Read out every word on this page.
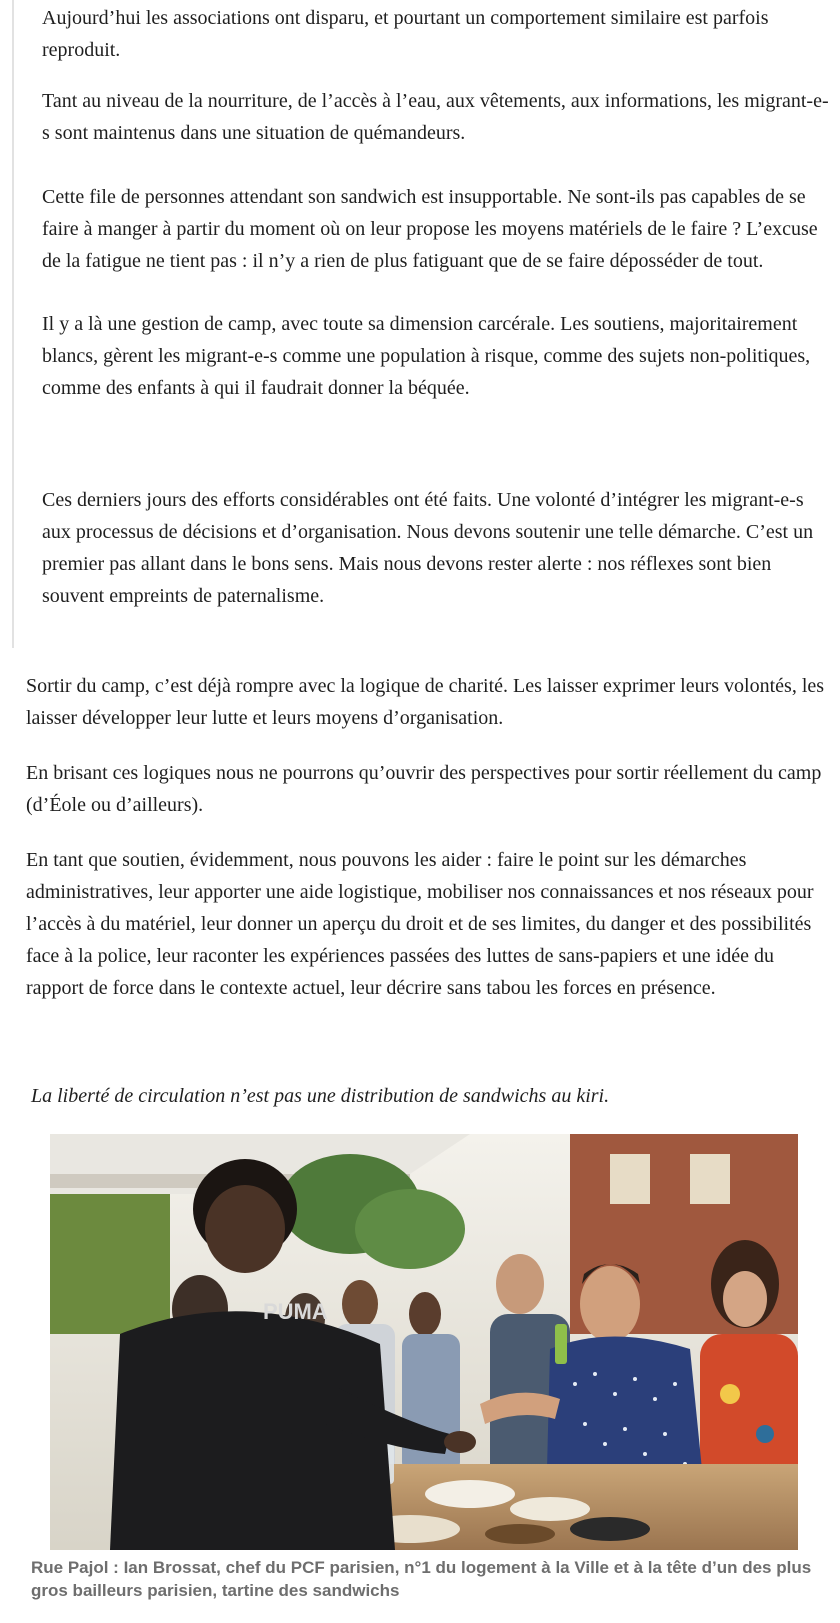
Aujourd’hui les associations ont disparu, et pourtant un comportement similaire est parfois reproduit.

Tant au niveau de la nourriture, de l’accès à l’eau, aux vêtements, aux informations, les migrant-e-s sont maintenus dans une situation de quémandeurs.

Cette file de personnes attendant son sandwich est insupportable. Ne sont-ils pas capables de se faire à manger à partir du moment où on leur propose les moyens matériels de le faire ? L’excuse de la fatigue ne tient pas : il n’y a rien de plus fatiguant que de se faire déposséder de tout.

Il y a là une gestion de camp, avec toute sa dimension carcérale. Les soutiens, majoritairement blancs, gèrent les migrant-e-s comme une population à risque, comme des sujets non-politiques, comme des enfants à qui il faudrait donner la béquée.

Ces derniers jours des efforts considérables ont été faits. Une volonté d’intégrer les migrant-e-s aux processus de décisions et d’organisation. Nous devons soutenir une telle démarche. C’est un premier pas allant dans le bons sens. Mais nous devons rester alerte : nos réflexes sont bien souvent empreints de paternalisme.

Sortir du camp, c’est déjà rompre avec la logique de charité. Les laisser exprimer leurs volontés, les laisser développer leur lutte et leurs moyens d’organisation.

En brisant ces logiques nous ne pourrons qu’ouvrir des perspectives pour sortir réellement du camp (d’Éole ou d’ailleurs).

En tant que soutien, évidemment, nous pouvons les aider : faire le point sur les démarches administratives, leur apporter une aide logistique, mobiliser nos connaissances et nos réseaux pour l’accès à du matériel, leur donner un aperçu du droit et de ses limites, du danger et des possibilités face à la police, leur raconter les expériences passées des luttes de sans-papiers et une idée du rapport de force dans le contexte actuel, leur décrire sans tabou les forces en présence.

La liberté de circulation n’est pas une distribution de sandwichs au kiri.

PUMA

Rue Pajol : Ian Brossat, chef du PCF parisien, n°1 du logement à la Ville et à la tête d’un des plus gros bailleurs parisien, tartine des sandwichs
